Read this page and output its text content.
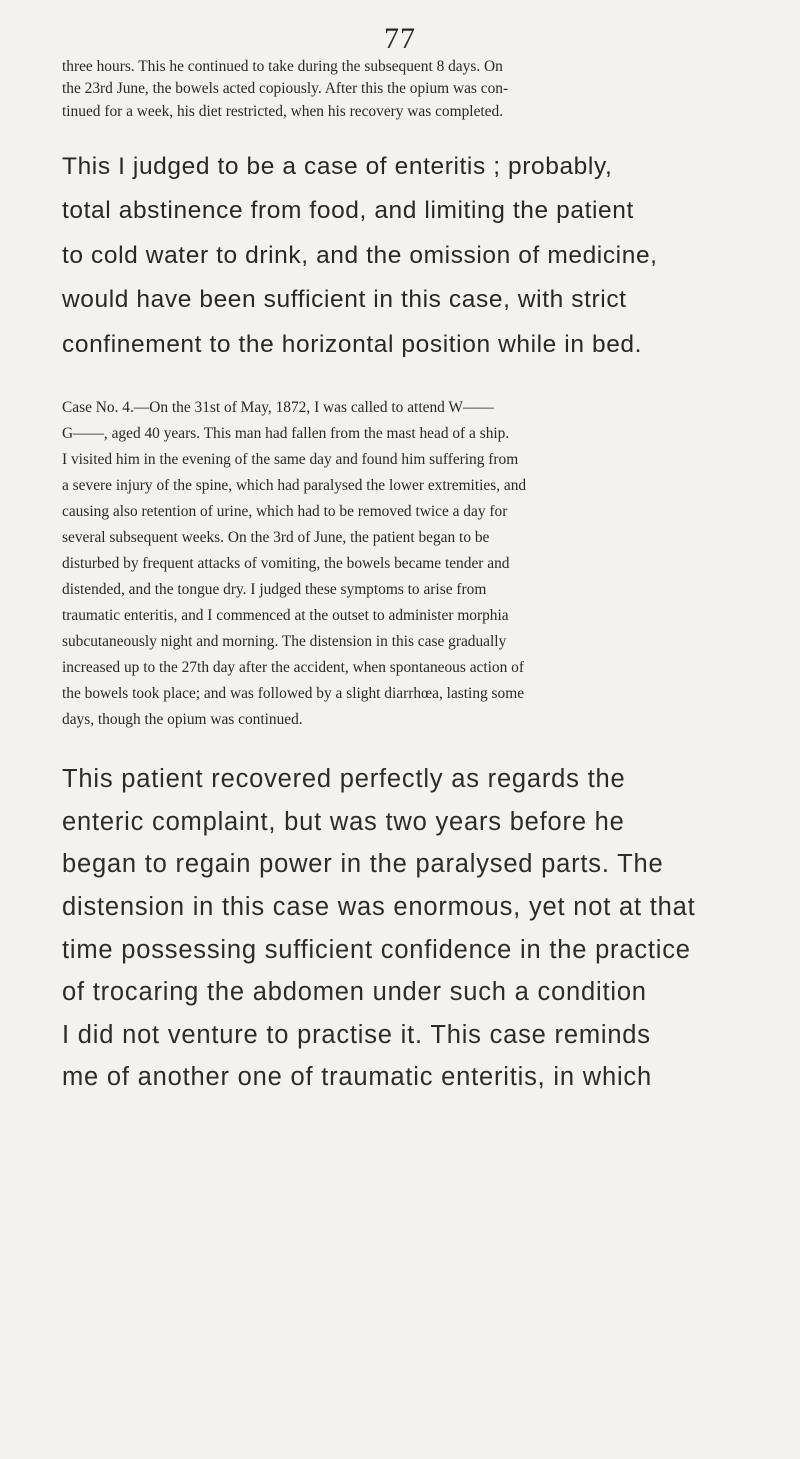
77
three hours. This he continued to take during the subsequent 8 days. On
the 23rd June, the bowels acted copiously. After this the opium was con-
tinued for a week, his diet restricted, when his recovery was completed.
This I judged to be a case of enteritis ; probably,
total abstinence from food, and limiting the patient
to cold water to drink, and the omission of medicine,
would have been sufficient in this case, with strict
confinement to the horizontal position while in bed.
Case No. 4.—On the 31st of May, 1872, I was called to attend W——
G——, aged 40 years. This man had fallen from the mast head of a ship.
I visited him in the evening of the same day and found him suffering from
a severe injury of the spine, which had paralysed the lower extremities, and
causing also retention of urine, which had to be removed twice a day for
several subsequent weeks. On the 3rd of June, the patient began to be
disturbed by frequent attacks of vomiting, the bowels became tender and
distended, and the tongue dry. I judged these symptoms to arise from
traumatic enteritis, and I commenced at the outset to administer morphia
subcutaneously night and morning. The distension in this case gradually
increased up to the 27th day after the accident, when spontaneous action of
the bowels took place; and was followed by a slight diarrhœa, lasting some
days, though the opium was continued.
This patient recovered perfectly as regards the
enteric complaint, but was two years before he
began to regain power in the paralysed parts. The
distension in this case was enormous, yet not at that
time possessing sufficient confidence in the practice
of trocaring the abdomen under such a condition
I did not venture to practise it. This case reminds
me of another one of traumatic enteritis, in which
